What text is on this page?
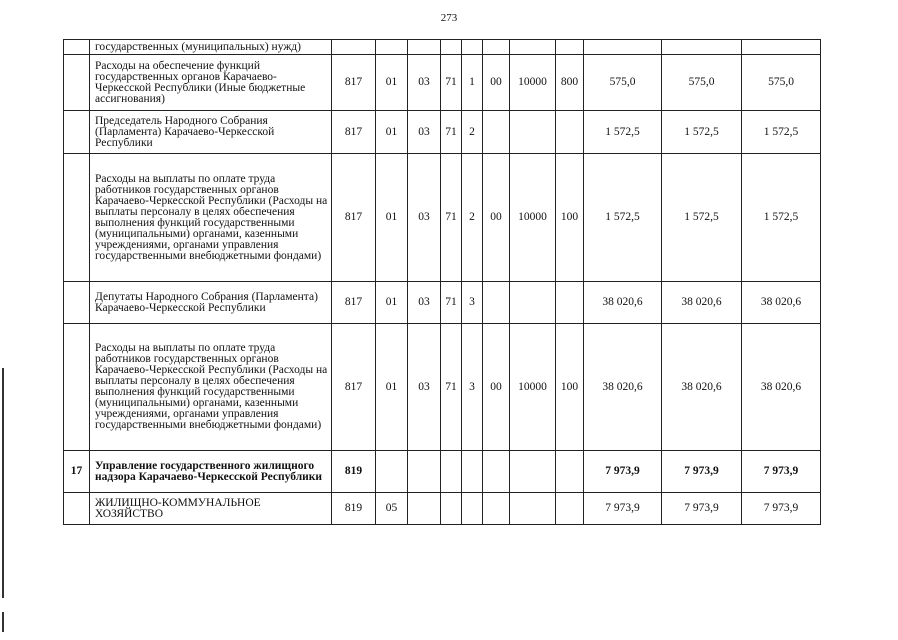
273
	государственных (муниципальных) нужд)											
	Расходы на обеспечение функций государственных органов Карачаево-Черкесской Республики (Иные бюджетные ассигнования)	817	01	03	71	1	00	10000	800	575,0	575,0	575,0
	Председатель Народного Собрания (Парламента) Карачаево-Черкесской Республики	817	01	03	71	2				1 572,5	1 572,5	1 572,5
	Расходы на выплаты по оплате труда работников государственных органов Карачаево-Черкесской Республики (Расходы на выплаты персоналу в целях обеспечения выполнения функций государственными (муниципальными) органами, казенными учреждениями, органами управления государственными внебюджетными фондами)	817	01	03	71	2	00	10000	100	1 572,5	1 572,5	1 572,5
	Депутаты Народного Собрания (Парламента) Карачаево-Черкесской Республики	817	01	03	71	3				38 020,6	38 020,6	38 020,6
	Расходы на выплаты по оплате труда работников государственных органов Карачаево-Черкесской Республики (Расходы на выплаты персоналу в целях обеспечения выполнения функций государственными (муниципальными) органами, казенными учреждениями, органами управления государственными внебюджетными фондами)	817	01	03	71	3	00	10000	100	38 020,6	38 020,6	38 020,6
17	Управление государственного жилищного надзора Карачаево-Черкесской Республики	819								7 973,9	7 973,9	7 973,9
	ЖИЛИЩНО-КОММУНАЛЬНОЕ ХОЗЯЙСТВО	819	05							7 973,9	7 973,9	7 973,9
